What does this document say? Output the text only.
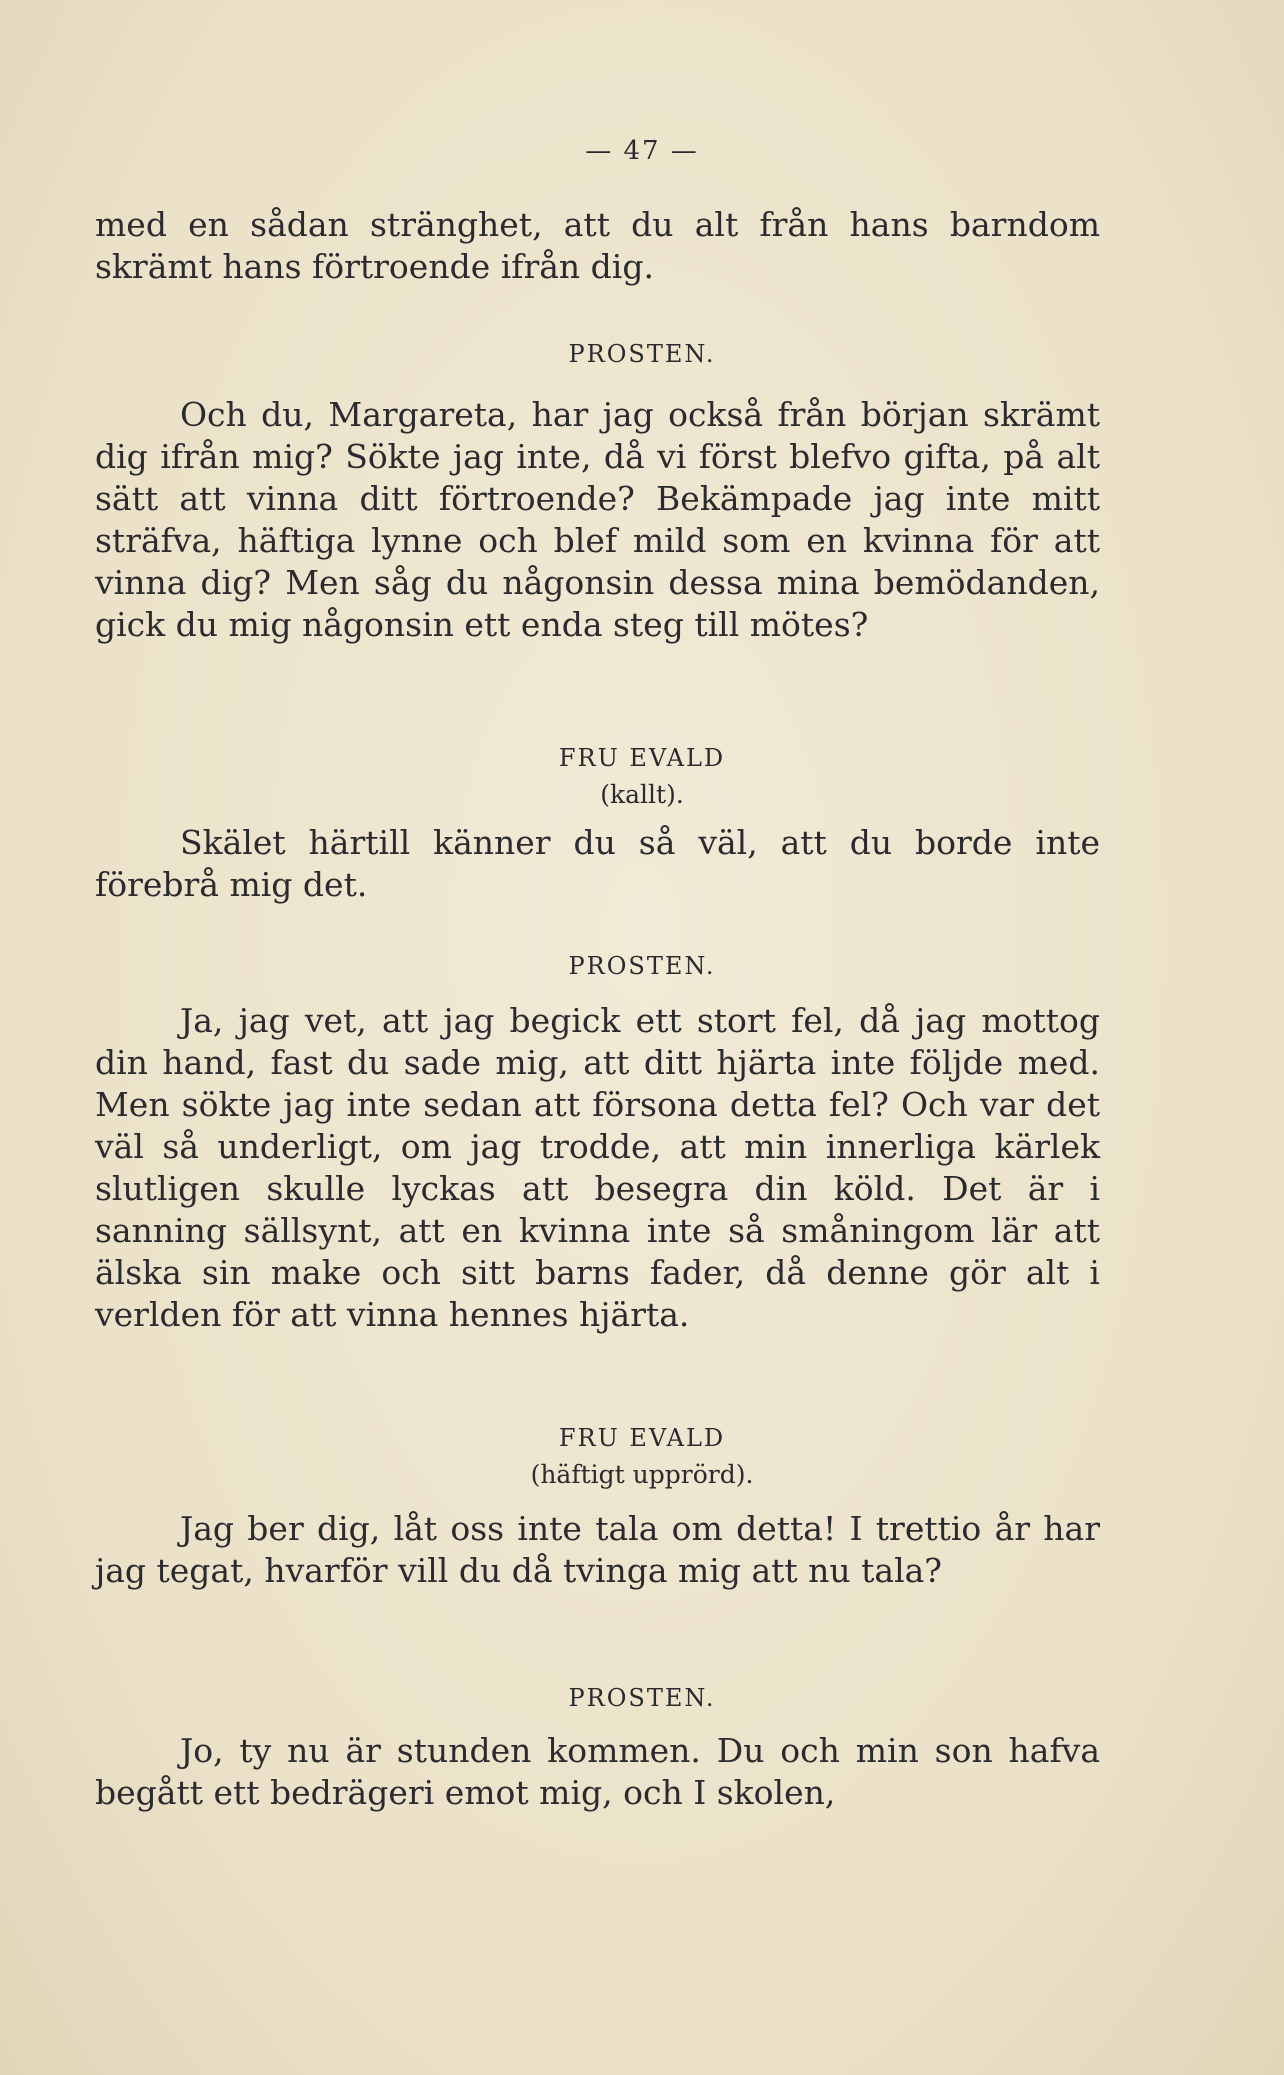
— 47 —

med en sådan stränghet, att du alt från hans barndom skrämt hans förtroende ifrån dig.

PROSTEN.

Och du, Margareta, har jag också från början skrämt dig ifrån mig? Sökte jag inte, då vi först blefvo gifta, på alt sätt att vinna ditt förtroende? Bekämpade jag inte mitt sträfva, häftiga lynne och blef mild som en kvinna för att vinna dig? Men såg du någonsin dessa mina bemödanden, gick du mig någonsin ett enda steg till mötes?

FRU EVALD
(kallt).

Skälet härtill känner du så väl, att du borde inte förebrå mig det.

PROSTEN.

Ja, jag vet, att jag begick ett stort fel, då jag mottog din hand, fast du sade mig, att ditt hjärta inte följde med. Men sökte jag inte sedan att försona detta fel? Och var det väl så underligt, om jag trodde, att min innerliga kärlek slutligen skulle lyckas att besegra din köld. Det är i sanning sällsynt, att en kvinna inte så småningom lär att älska sin make och sitt barns fader, då denne gör alt i verlden för att vinna hennes hjärta.

FRU EVALD
(häftigt upprörd).

Jag ber dig, låt oss inte tala om detta! I trettio år har jag tegat, hvarför vill du då tvinga mig att nu tala?

PROSTEN.

Jo, ty nu är stunden kommen. Du och min son hafva begått ett bedrägeri emot mig, och I skolen,
